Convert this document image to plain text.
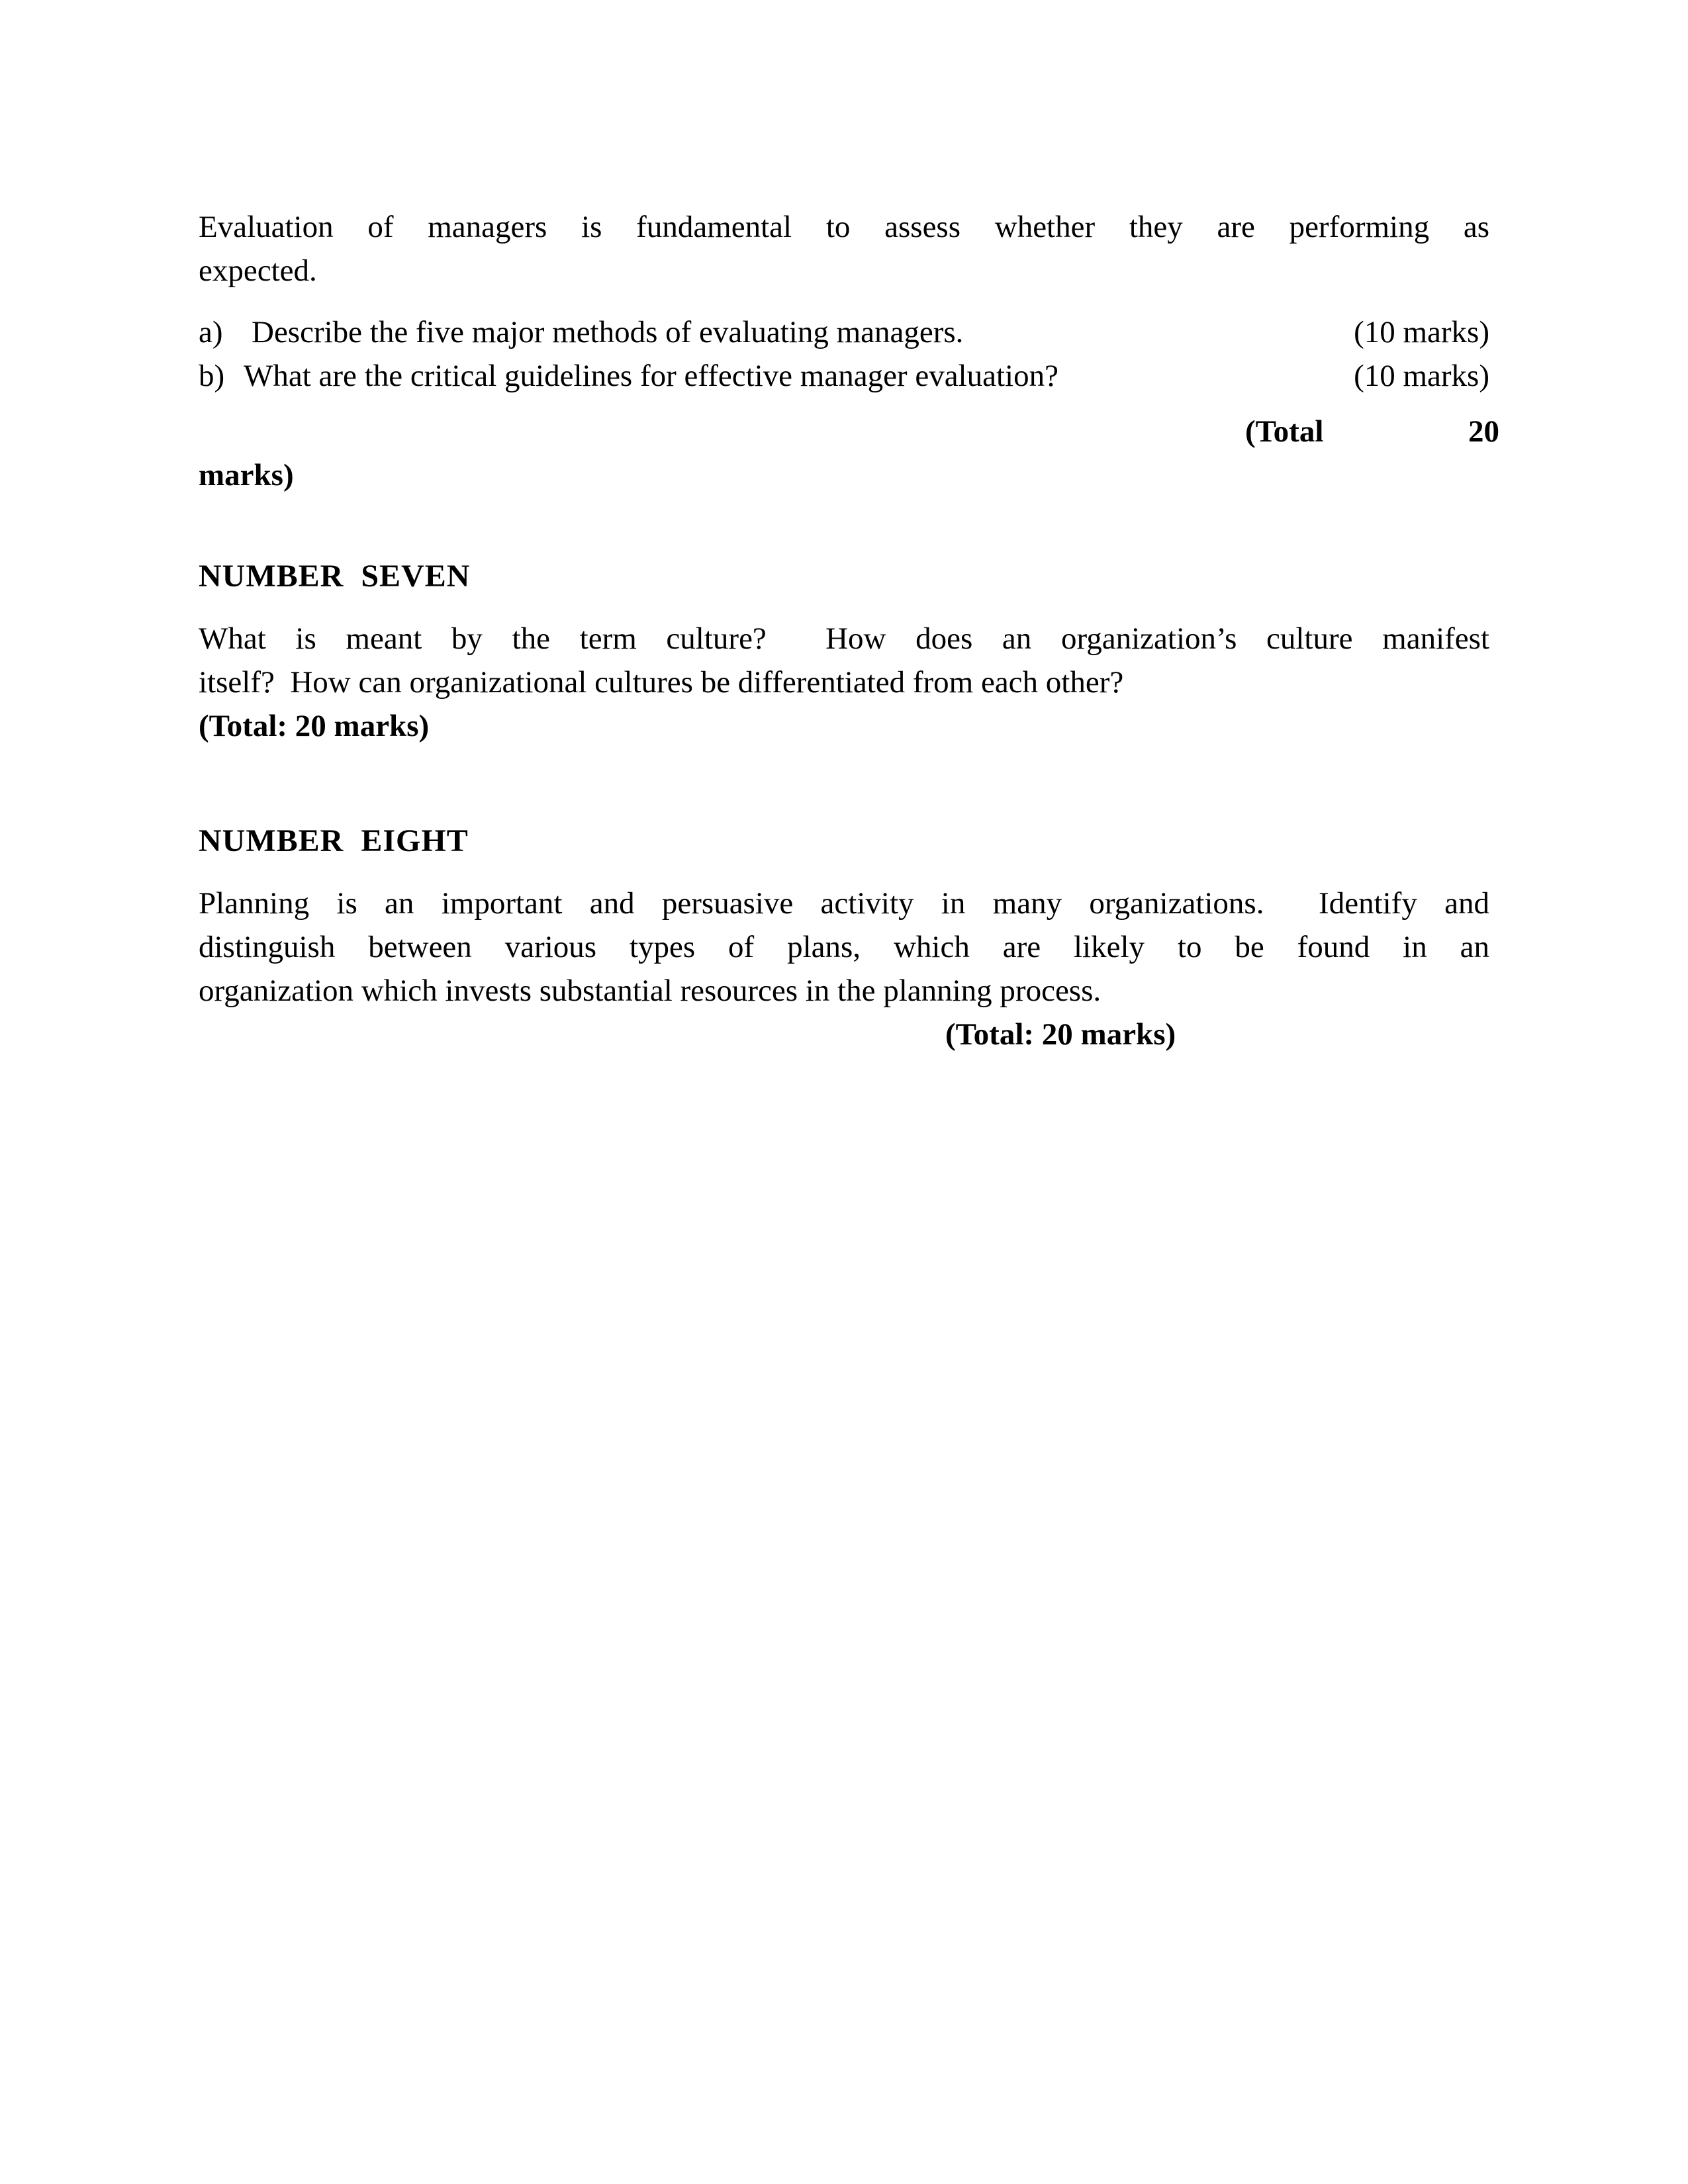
Evaluation of managers is fundamental to assess whether they are performing as
expected.
a) Describe the five major methods of evaluating managers.	(10 marks)
b) What are the critical guidelines for effective manager evaluation?	(10 marks)
(Total	20
marks)
NUMBER  SEVEN
What is meant by the term culture?  How does an organization’s culture manifest
itself?  How can organizational cultures be differentiated from each other?
(Total: 20 marks)
NUMBER  EIGHT
Planning is an important and persuasive activity in many organizations.  Identify and
distinguish between various types of plans, which are likely to be found in an
organization which invests substantial resources in the planning process.
(Total: 20 marks)
